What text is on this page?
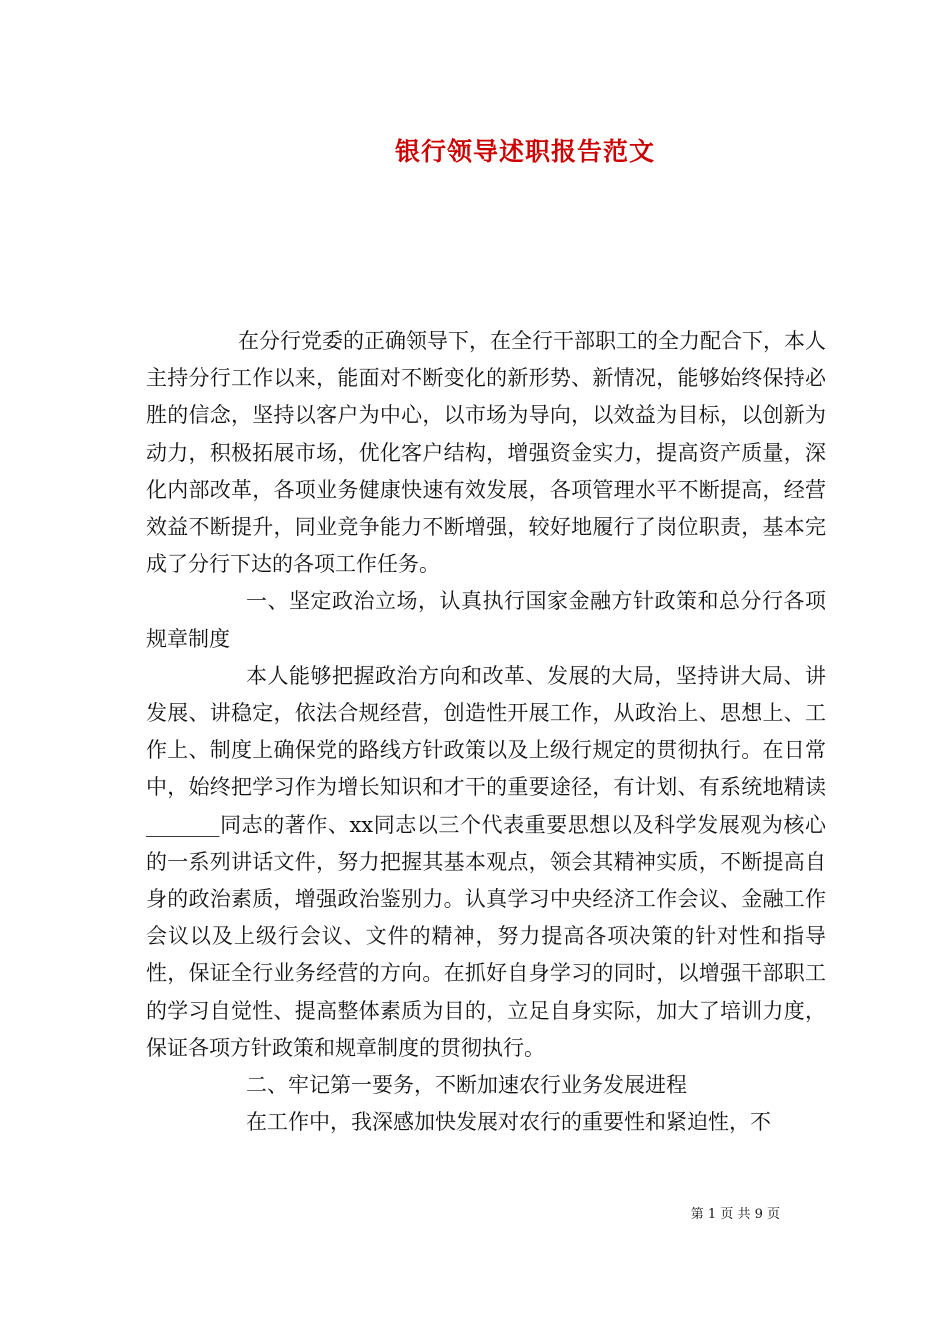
银行领导述职报告范文

在分行党委的正确领导下，在全行干部职工的全力配合下，本人主持分行工作以来，能面对不断变化的新形势、新情况，能够始终保持必胜的信念，坚持以客户为中心，以市场为导向，以效益为目标，以创新为动力，积极拓展市场，优化客户结构，增强资金实力，提高资产质量，深化内部改革，各项业务健康快速有效发展，各项管理水平不断提高，经营效益不断提升，同业竞争能力不断增强，较好地履行了岗位职责，基本完成了分行下达的各项工作任务。

一、坚定政治立场，认真执行国家金融方针政策和总分行各项规章制度

本人能够把握政治方向和改革、发展的大局，坚持讲大局、讲发展、讲稳定，依法合规经营，创造性开展工作，从政治上、思想上、工作上、制度上确保党的路线方针政策以及上级行规定的贯彻执行。在日常中，始终把学习作为增长知识和才干的重要途径，有计划、有系统地精读_______同志的著作、xx同志以三个代表重要思想以及科学发展观为核心的一系列讲话文件，努力把握其基本观点，领会其精神实质，不断提高自身的政治素质，增强政治鉴别力。认真学习中央经济工作会议、金融工作会议以及上级行会议、文件的精神，努力提高各项决策的针对性和指导性，保证全行业务经营的方向。在抓好自身学习的同时，以增强干部职工的学习自觉性、提高整体素质为目的，立足自身实际，加大了培训力度，保证各项方针政策和规章制度的贯彻执行。

二、牢记第一要务，不断加速农行业务发展进程

在工作中，我深感加快发展对农行的重要性和紧迫性，不

第 1 页 共 9 页
